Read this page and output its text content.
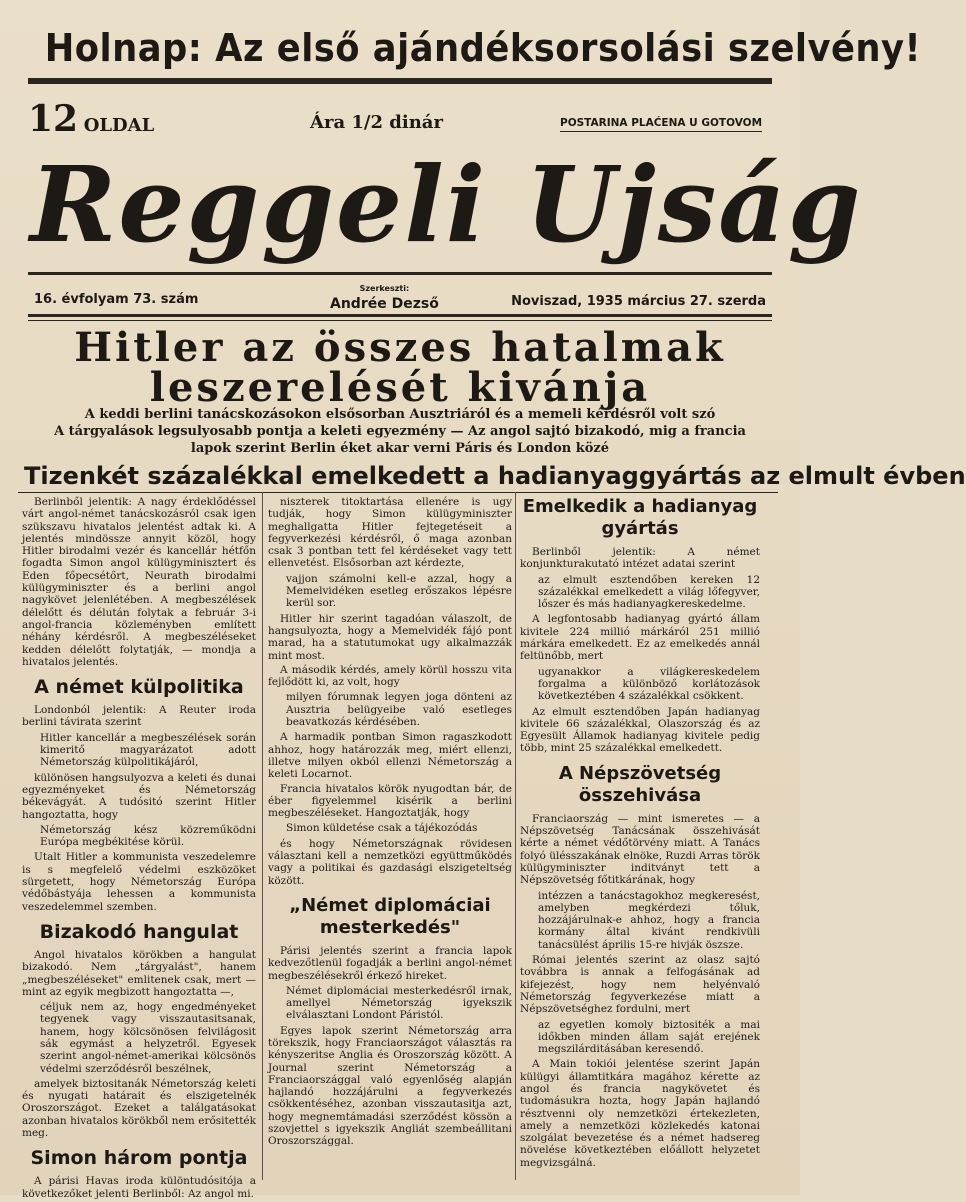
Holnap: Az első ajándéksorsolási szelvény!
12 OLDAL	Ára 1/2 dinár	POSTARINA PLAĆENA U GOTOVOM
Reggeli Ujság
16. évfolyam 73. szám
Szerkeszti:
Andrée Dezső	Noviszad, 1935 március 27. szerda
Hitler az összes hatalmak
leszerelését kivánja
A keddi berlini tanácskozásokon elsősorban Ausztriáról és a memeli kérdésről volt szó
A tárgyalások legsulyosabb pontja a keleti egyezmény — Az angol sajtó bizakodó, mig a francia
lapok szerint Berlin éket akar verni Páris és London közé
Tizenkét százalékkal emelkedett a hadianyaggyártás az elmult évben

Berlinből jelentik: A nagy érdeklődéssel várt angol-német tanácskozásról csak igen szükszavu hivatalos jelentést adtak ki. A jelentés mindössze annyit közöl, hogy Hitler birodalmi vezér és kancellár hétfőn fogadta Simon angol külügyminisztert és Eden főpecsétőrt, Neurath birodalmi külügyminiszter és a berlini angol nagykövet jelenlétében. A megbeszélések délelőtt és délután folytak a február 3-i angol-francia közleményben említett néhány kérdésről. A megbeszéléseket kedden délelőtt folytatják, — mondja a hivatalos jelentés.

A német külpolitika

Londonból jelentik: A Reuter iroda berlini távirata szerint

Hitler kancellár a megbeszélések során kimeritő magyarázatot adott Németország külpolitikájáról,

különösen hangsulyozva a keleti és dunai egyezményeket és Németország békevágyát. A tudósitó szerint Hitler hangoztatta, hogy

Németország kész közreműködni Európa megbékitése körül.

Utalt Hitler a kommunista veszedelemre is s megfelelő védelmi eszközöket sürgetett, hogy Németország Európa védőbástyája lehessen a kommunista veszedelemmel szemben.

Bizakodó hangulat

Angol hivatalos körökben a hangulat bizakodó. Nem „tárgyalást", hanem „megbeszéléseket" emlitenek csak, mert — mint az egyik megbizott hangoztatta —,

céljuk nem az, hogy engedményeket tegyenek vagy visszautasitsanak, hanem, hogy kölcsönösen felvilágosit sák egymást a helyzetről. Egyesek szerint angol-német-amerikai kölcsönös védelmi szerződésről beszélnek,

amelyek biztositanák Németország keleti és nyugati határait és elszigetelnék Oroszországot. Ezeket a találgatásokat azonban hivatalos körökből nem erősitették meg.

Simon három pontja

A párisi Havas iroda különtudósitója a következőket jelenti Berlinből: Az angol mi.

niszterek titoktartása ellenére is ugy tudják, hogy Simon külügyminiszter meghallgatta Hitler fejtegetéseit a fegyverkezési kérdésről, ő maga azonban csak 3 pontban tett fel kérdéseket vagy tett ellenvetést. Elsősorban azt kérdezte,

vajjon számolni kell-e azzal, hogy a Memelvidéken esetleg erőszakos lépésre kerül sor.

Hitler hir szerint tagadóan válaszolt, de hangsulyozta, hogy a Memelvidék fájó pont marad, ha a statutumokat ugy alkalmazzák mint most.

A második kérdés, amely körül hosszu vita fejlődött ki, az volt, hogy

milyen fórumnak legyen joga dönteni az Ausztria belügyeibe való esetleges beavatkozás kérdésében.

A harmadik pontban Simon ragaszkodott ahhoz, hogy határozzák meg, miért ellenzi, illetve milyen okból ellenzi Németország a keleti Locarnot.

Francia hivatalos körök nyugodtan bár, de éber figyelemmel kisérik a berlini megbeszéléseket. Hangoztatják, hogy

Simon küldetése csak a tájékozódás

és hogy Németországnak rövidesen választani kell a nemzetközi együttműködés vagy a politikai és gazdasági elszigeteltség között.

„Német diplomáciai mesterkedés"

Párisi jelentés szerint a francia lapok kedvezőtlenül fogadják a berlini angol-német megbeszélésekről érkező hireket.

Német diplomáciai mesterkedésről irnak, amellyel Németország igyekszik elválasztani Londont Páristól.

Egyes lapok szerint Németország arra törekszik, hogy Franciaországot választás ra kényszeritse Anglia és Oroszország között. A Journal szerint Németország a Franciaországgal való egyenlőség alapján hajlandó hozzájárulni a fegyverkezés csökkentéséhez, azonban visszautasitja azt, hogy megnemtámadási szerződést kössön a szovjettel s igyekszik Angliát szembeállitani Oroszországgal.

Emelkedik a hadianyag gyártás

Berlinből jelentik: A német konjunkturakutató intézet adatai szerint

az elmult esztendőben kereken 12 százalékkal emelkedett a világ lőfegyver, lőszer és más hadianyagkereskedelme.

A legfontosabb hadianyag gyártó állam kivitele 224 millió márkáról 251 millió márkára emelkedett. Ez az emelkedés annál feltünőbb, mert

ugyanakkor a világkereskedelem forgalma a különböző korlátozások következtében 4 százalékkal csökkent.

Az elmult esztendőben Japán hadianyag kivitele 66 százalékkal, Olaszország és az Egyesült Államok hadianyag kivitele pedig több, mint 25 százalékkal emelkedett.

A Népszövetség összehivása

Franciaország — mint ismeretes — a Népszövetség Tanácsának összehivását kérte a német védőtörvény miatt. A Tanács folyó ülésszakának elnöke, Ruzdi Arras török külügyminiszter inditványt tett a Népszövetség főtitkárának, hogy

intézzen a tanácstagokhoz megkeresést, amelyben megkérdezi tőluk, hozzájárulnak-e ahhoz, hogy a francia kormány által kivánt rendkivüli tanácsülést április 15-re hivják öszsze.

Római jelentés szerint az olasz sajtó továbbra is annak a felfogásának ad kifejezést, hogy nem helyénvaló Németország fegyverkezése miatt a Népszövetséghez fordulni, mert

az egyetlen komoly biztositék a mai időkben minden állam saját erejének megszilárditásában keresendő.

A Main tokiói jelentése szerint Japán külügyi államtitkára magához kérette az angol és francia nagykövetet és tudomásukra hozta, hogy Japán hajlandó résztvenni oly nemzetközi értekezleten, amely a nemzetközi közlekedés katonai szolgálat bevezetése és a német hadsereg növelése következtében előállott helyzetet megvizsgálná.
